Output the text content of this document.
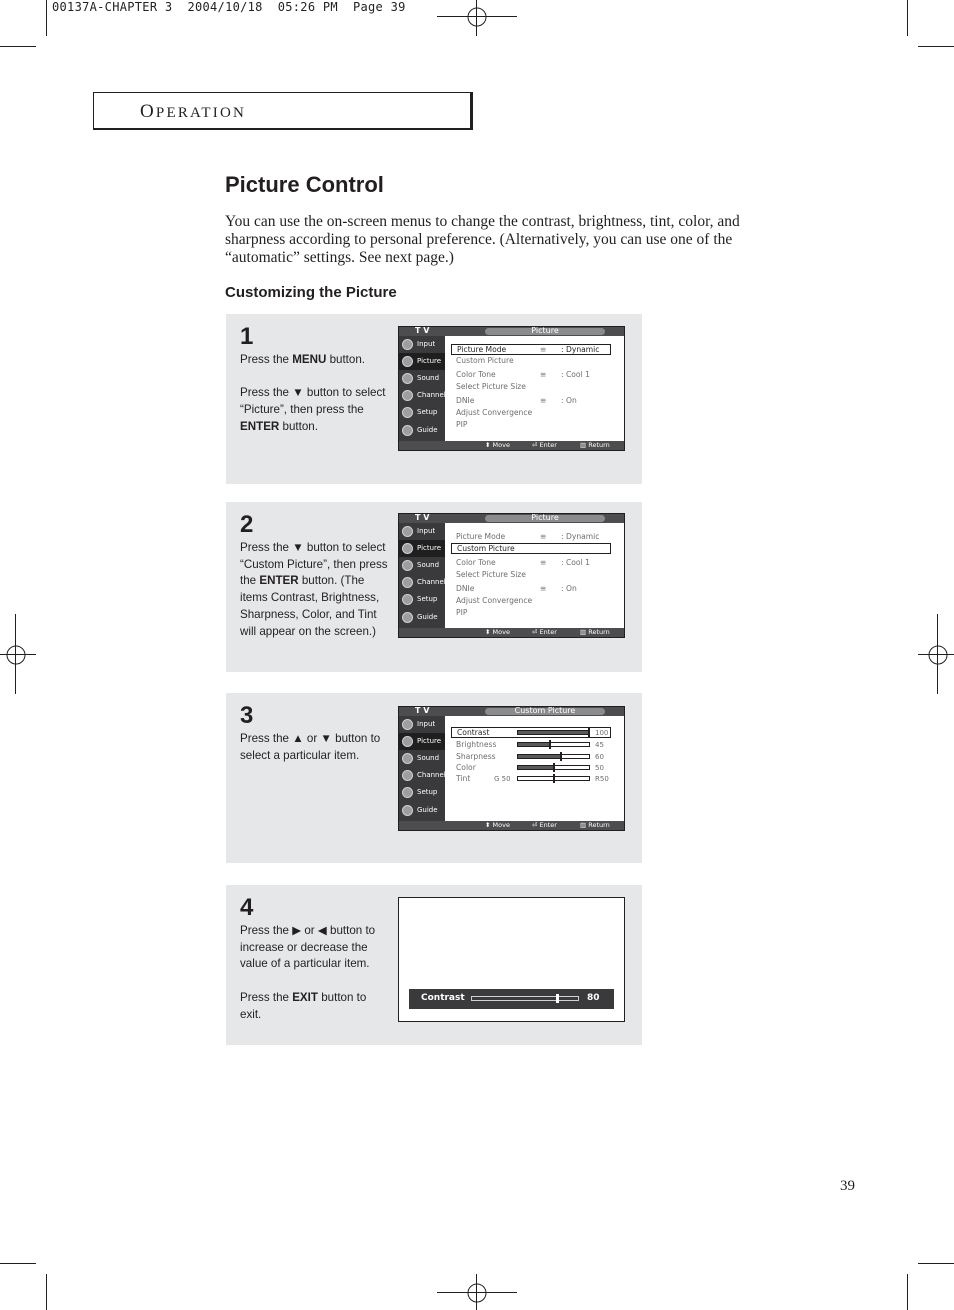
00137A-CHAPTER 3  2004/10/18  05:26 PM  Page 39
OPERATION
Picture Control
You can use the on-screen menus to change the contrast, brightness, tint, color, and sharpness according to personal preference. (Alternatively, you can use one of the “automatic” settings. See next page.)
Customizing the Picture
1

Press the MENU button.

Press the ▼ button to select “Picture”, then press the ENTER button.

T V	Picture
Input
Picture
Sound
Channel
Setup
Guide
Picture Mode	≡ : Dynamic
Custom Picture
Color Tone	≡ : Cool 1
Select Picture Size
DNIe	≡ : On
Adjust Convergence
PIP
⬍ Move	⏎ Enter	▥ Return
2

Press the ▼ button to select “Custom Picture”, then press the ENTER button. (The items Contrast, Brightness, Sharpness, Color, and Tint will appear on the screen.)

T V	Picture
Input
Picture
Sound
Channel
Setup
Guide
Picture Mode	≡ : Dynamic
Custom Picture
Color Tone	≡ : Cool 1
Select Picture Size
DNIe	≡ : On
Adjust Convergence
PIP
⬍ Move	⏎ Enter	▥ Return
3

Press the ▲ or ▼ button to select a particular item.

T V	Custom Picture
Input
Picture
Sound
Channel
Setup
Guide
Contrast	100
Brightness	45
Sharpness	60
Color	50
Tint	G 50	R50
⬍ Move	⏎ Enter	▥ Return
4

Press the ▶ or ◀ button to increase or decrease the value of a particular item.

Press the EXIT button to exit.

Contrast	80
39
